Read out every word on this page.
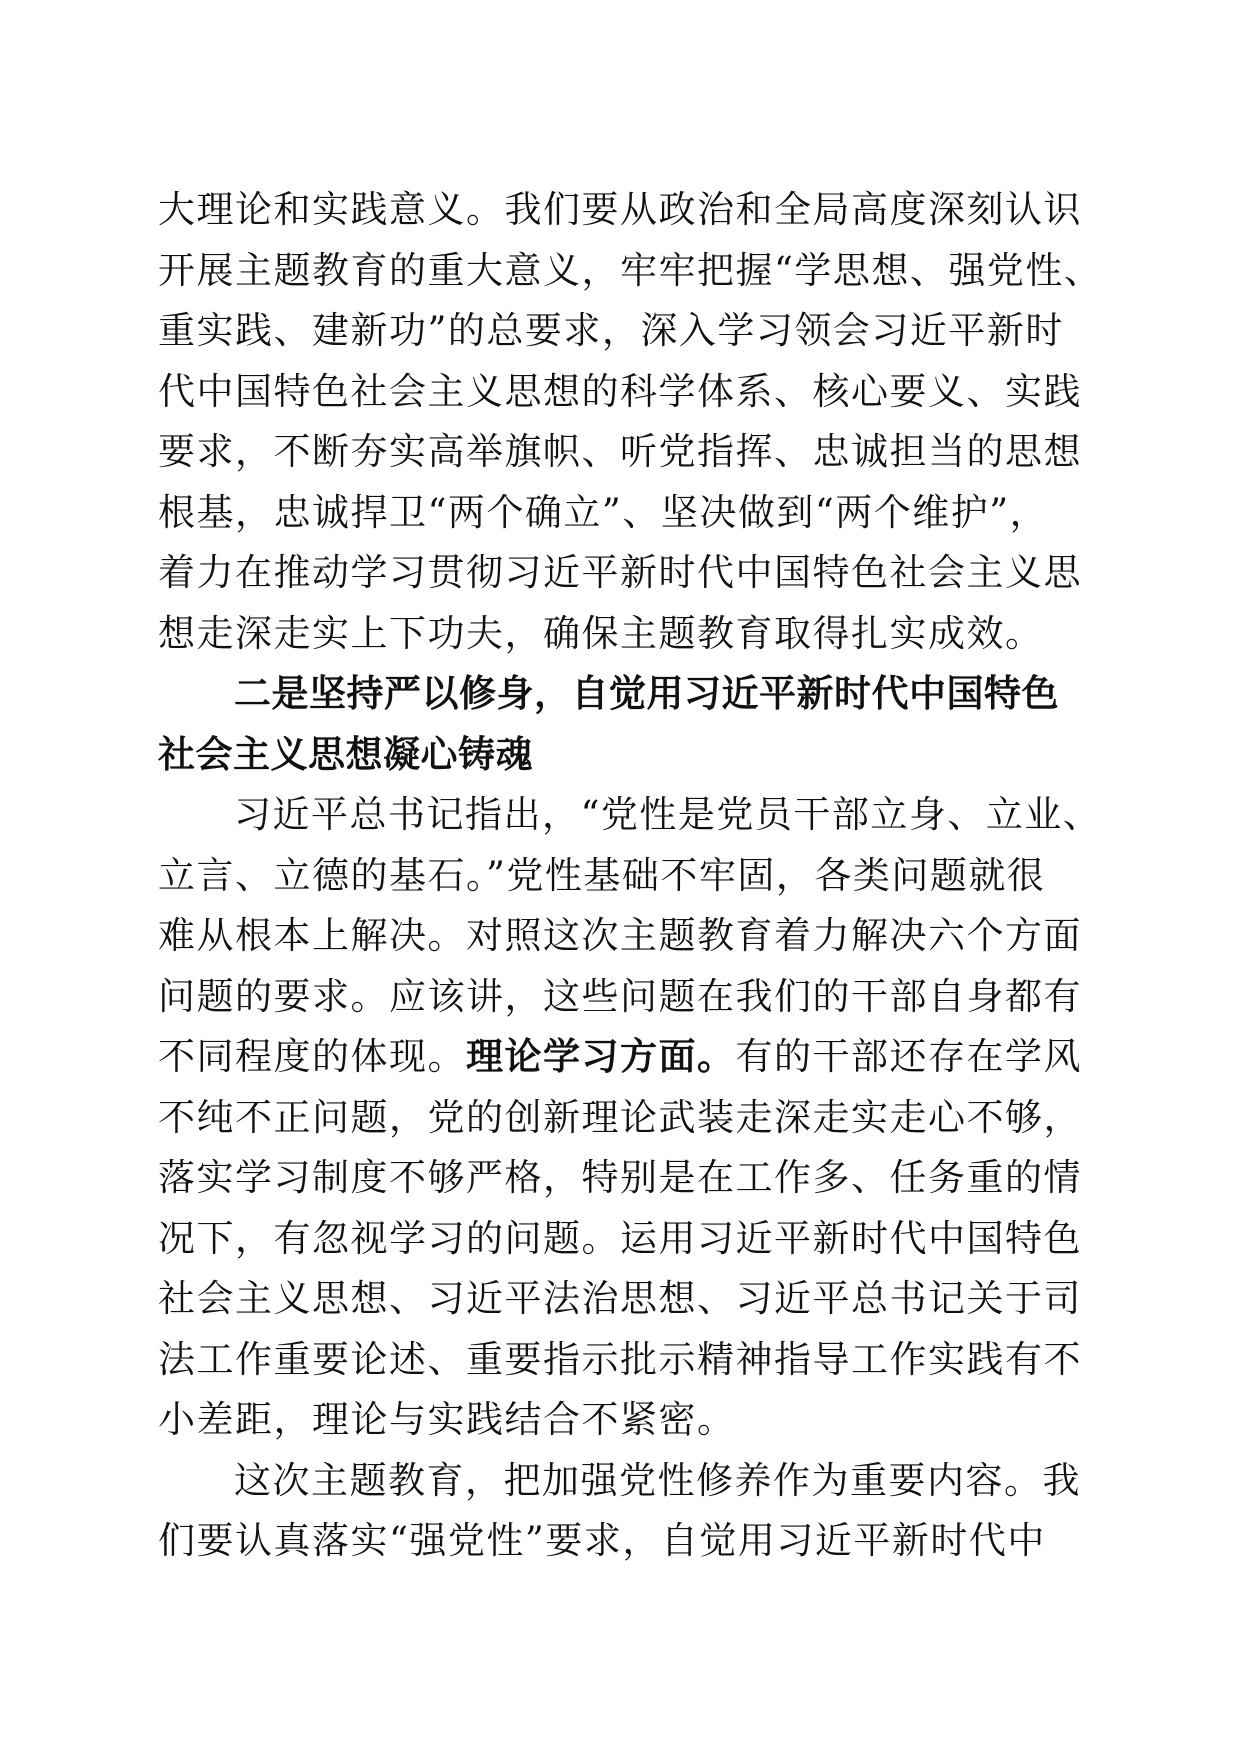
大理论和实践意义。我们要从政治和全局高度深刻认识
开展主题教育的重大意义，牢牢把握“学思想、强党性、
重实践、建新功”的总要求，深入学习领会习近平新时
代中国特色社会主义思想的科学体系、核心要义、实践
要求，不断夯实高举旗帜、听党指挥、忠诚担当的思想
根基，忠诚捍卫“两个确立”、坚决做到“两个维护”，
着力在推动学习贯彻习近平新时代中国特色社会主义思
想走深走实上下功夫，确保主题教育取得扎实成效。
二是坚持严以修身，自觉用习近平新时代中国特色
社会主义思想凝心铸魂
习近平总书记指出，“党性是党员干部立身、立业、
立言、立德的基石。”党性基础不牢固，各类问题就很
难从根本上解决。对照这次主题教育着力解决六个方面
问题的要求。应该讲，这些问题在我们的干部自身都有
不同程度的体现。理论学习方面。有的干部还存在学风
不纯不正问题，党的创新理论武装走深走实走心不够，
落实学习制度不够严格，特别是在工作多、任务重的情
况下，有忽视学习的问题。运用习近平新时代中国特色
社会主义思想、习近平法治思想、习近平总书记关于司
法工作重要论述、重要指示批示精神指导工作实践有不
小差距，理论与实践结合不紧密。
这次主题教育，把加强党性修养作为重要内容。我
们要认真落实“强党性”要求，自觉用习近平新时代中
